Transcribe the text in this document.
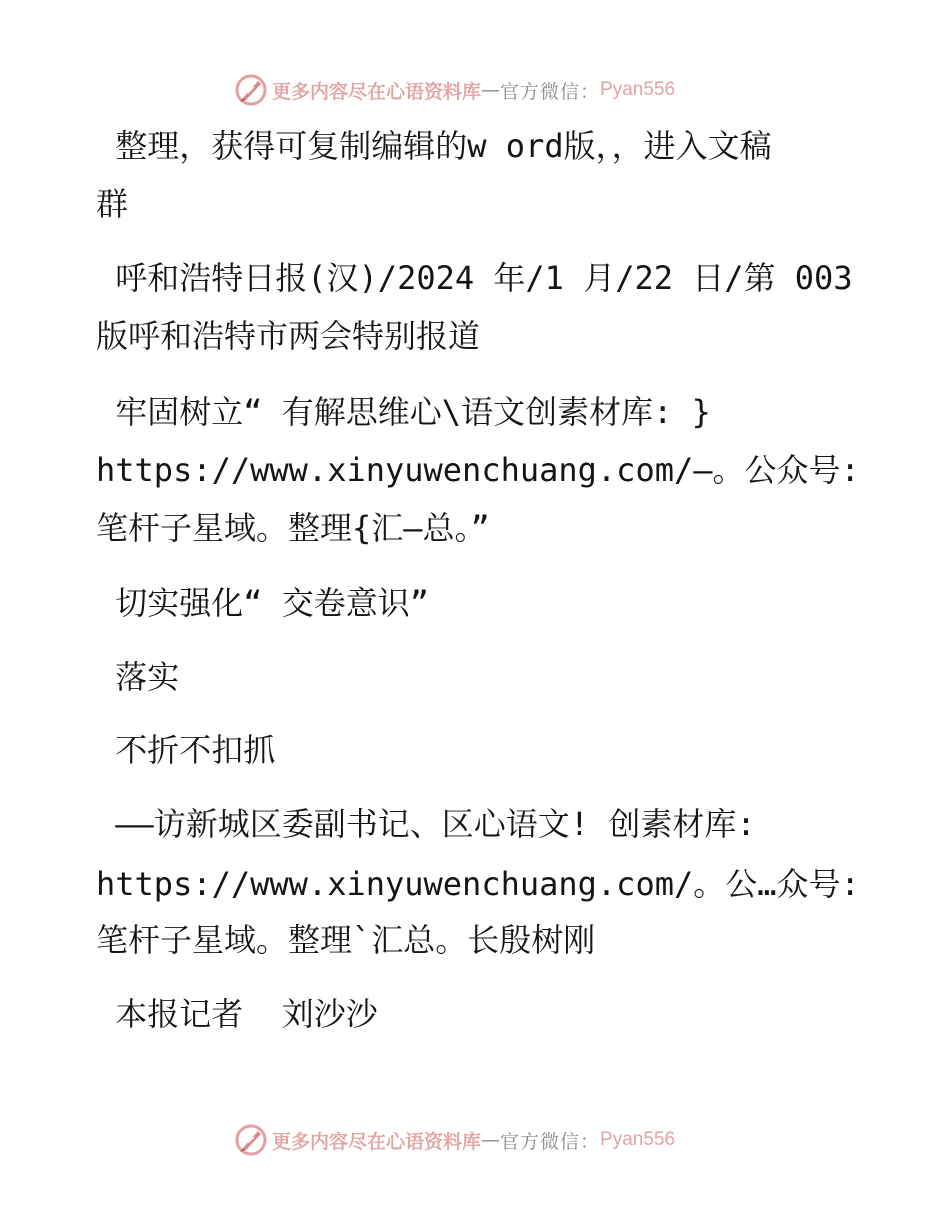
更多内容尽在心语资料库 — 官方微信： Pyan556
整理，获得可复制编辑的w ord版，，进入文稿
群
呼和浩特日报(汉)/2024 年/1 月/22 日/第 003
版呼和浩特市两会特别报道
牢固树立“ 有解思维心\语文创素材库: }
https://www.xinyuwenchuang.com/—。公众号:
笔杆子星域。整理{汇—总。”
切实强化“ 交卷意识”
落实
不折不扣抓
——访新城区委副书记、区心语文! 创素材库:
https://www.xinyuwenchuang.com/。公…众号:
笔杆子星域。整理`汇总。长殷树刚
本报记者  刘沙沙
更多内容尽在心语资料库 — 官方微信： Pyan556
